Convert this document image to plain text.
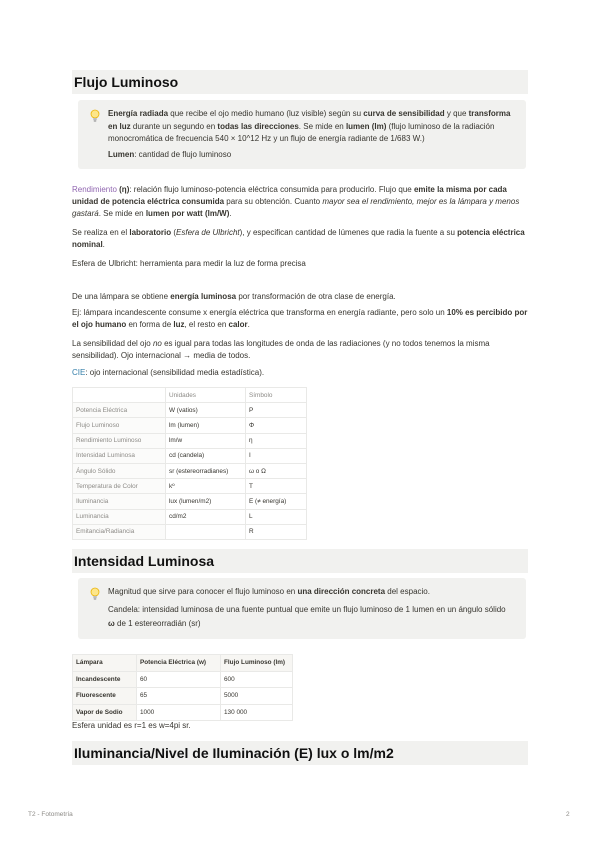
Flujo Luminoso
Energía radiada que recibe el ojo medio humano (luz visible) según su curva de sensibilidad y que transforma en luz durante un segundo en todas las direcciones. Se mide en lumen (lm) (flujo luminoso de la radiación monocromática de frecuencia 540 × 10^12 Hz y un flujo de energía radiante de 1/683 W.)
Lumen: cantidad de flujo luminoso

Rendimiento (η): relación flujo luminoso-potencia eléctrica consumida para producirlo. Flujo que emite la misma por cada unidad de potencia eléctrica consumida para su obtención. Cuanto mayor sea el rendimiento, mejor es la lámpara y menos gastará. Se mide en lumen por watt (lm/W).

Se realiza en el laboratorio (Esfera de Ulbricht), y especifican cantidad de lúmenes que radia la fuente a su potencia eléctrica nominal.

Esfera de Ulbricht: herramienta para medir la luz de forma precisa

De una lámpara se obtiene energía luminosa por transformación de otra clase de energía.

Ej: lámpara incandescente consume x energía eléctrica que transforma en energía radiante, pero solo un 10% es percibido por el ojo humano en forma de luz, el resto en calor.

La sensibilidad del ojo no es igual para todas las longitudes de onda de las radiaciones (y no todos tenemos la misma sensibilidad). Ojo internacional → media de todos.

CIE: ojo internacional (sensibilidad media estadística).

	Unidades	Símbolo
Potencia Eléctrica	W (vatios)	P
Flujo Luminoso	lm (lumen)	Φ
Rendimiento Luminoso	lm/w	η
Intensidad Luminosa	cd (candela)	I
Ángulo Sólido	sr (estereorradianes)	ω o Ω
Temperatura de Color	kº	T
Iluminancia	lux (lumen/m2)	E (≠ energía)
Luminancia	cd/m2	L
Emitancia/Radiancia		R
Intensidad Luminosa
Magnitud que sirve para conocer el flujo luminoso en una dirección concreta del espacio.
Candela: intensidad luminosa de una fuente puntual que emite un flujo luminoso de 1 lumen en un ángulo sólido ω de 1 estereorradián (sr)
Lámpara	Potencia Eléctrica (w)	Flujo Luminoso (lm)
Incandescente	60	600
Fluorescente	65	5000
Vapor de Sodio	1000	130 000

Esfera unidad es r=1 es w=4pi sr.

Iluminancia/Nivel de Iluminación (E) lux o lm/m2
T2 - Fotometría	2
